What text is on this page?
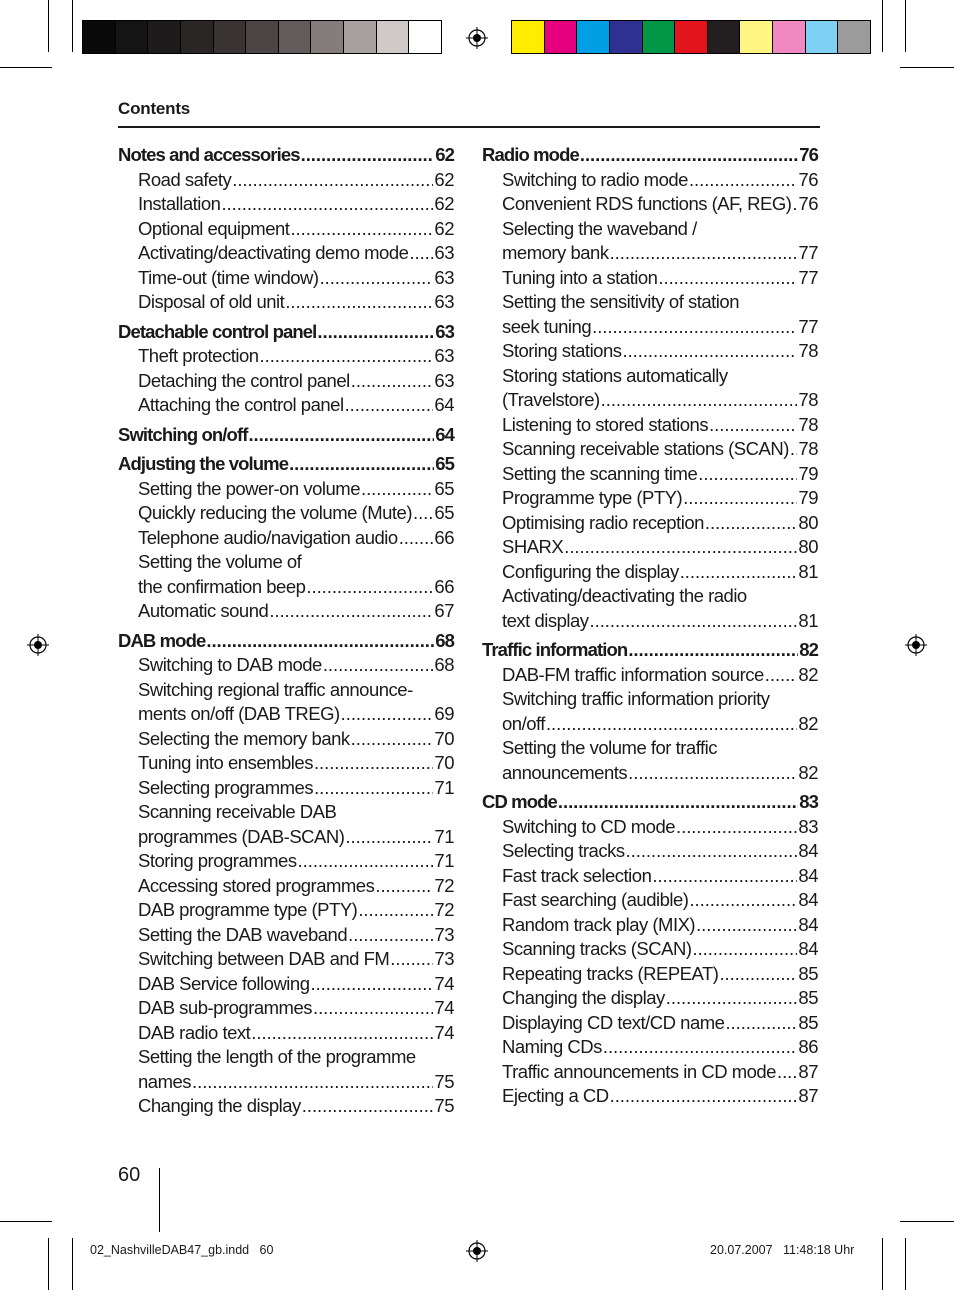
Contents
Notes and accessories . . .	62
Road safety . . .	62
Installation . . .	62
Optional equipment . . .	62
Activating/deactivating demo mode . . . 63
Time-out (time window) . . .	63
Disposal of old unit . . .	63
Detachable control panel . . .	63
Theft protection . . .	63
Detaching the control panel . . .	63
Attaching the control panel . . .	64
Switching on/off . . .	64
Adjusting the volume . . .	65
Setting the power-on volume . . .	65
Quickly reducing the volume (Mute) . . . 65
Telephone audio/navigation audio . . . 66
Setting the volume of
the confirmation beep . . .	66
Automatic sound . . .	67
DAB mode . . .	68
Switching to DAB mode . . .	68
Switching regional traffic announce-
ments on/off (DAB TREG) . . .	69
Selecting the memory bank . . .	70
Tuning into ensembles . . .	70
Selecting programmes . . .	71
Scanning receivable DAB
programmes (DAB-SCAN) . . .	71
Storing programmes . . .	71
Accessing stored programmes . . .	72
DAB programme type (PTY) . . .	72
Setting the DAB waveband . . .	73
Switching between DAB and FM . . . 73
DAB Service following . . .	74
DAB sub-programmes . . .	74
DAB radio text . . .	74
Setting the length of the programme
names . . .	75
Changing the display . . .	75
Radio mode . . .	76
Switching to radio mode . . .	76
Convenient RDS functions (AF, REG) . . . 76
Selecting the waveband /
memory bank . . .	77
Tuning into a station . . .	77
Setting the sensitivity of station
seek tuning . . .	77
Storing stations . . .	78
Storing stations automatically
(Travelstore) . . .	78
Listening to stored stations . . .	78
Scanning receivable stations (SCAN) . . . 78
Setting the scanning time . . .	79
Programme type (PTY) . . .	79
Optimising radio reception . . .	80
SHARX . . .	80
Configuring the display . . .	81
Activating/deactivating the radio
text display . . .	81
Traffic information . . .	82
DAB-FM traffic information source . . . 82
Switching traffic information priority
on/off . . .	82
Setting the volume for traffic
announcements . . .	82
CD mode . . .	83
Switching to CD mode . . .	83
Selecting tracks . . .	84
Fast track selection . . .	84
Fast searching (audible) . . .	84
Random track play (MIX) . . .	84
Scanning tracks (SCAN) . . .	84
Repeating tracks (REPEAT) . . .	85
Changing the display . . .	85
Displaying CD text/CD name . . .	85
Naming CDs . . .	86
Traffic announcements in CD mode . . . 87
Ejecting a CD . . .	87
60
02_NashvilleDAB47_gb.indd   60	20.07.2007   11:48:18 Uhr
